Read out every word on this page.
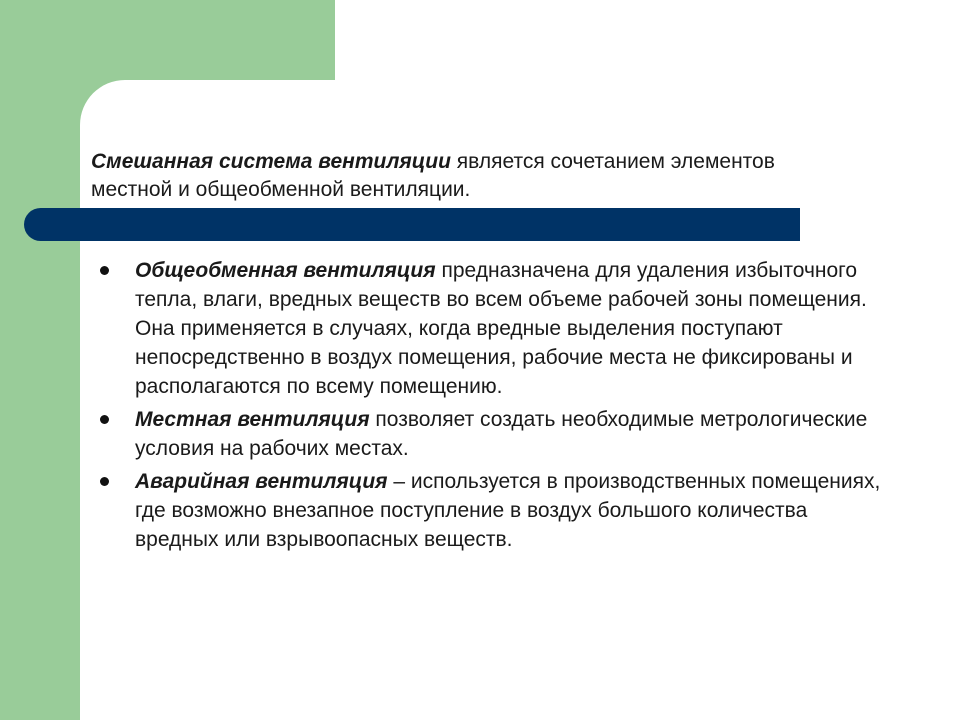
Смешанная система вентиляции является сочетанием элементов местной и общеобменной вентиляции.

Общеобменная вентиляция предназначена для удаления избыточного тепла, влаги, вредных веществ во всем объеме рабочей зоны помещения. Она применяется в случаях, когда вредные выделения поступают непосредственно в воздух помещения, рабочие места не фиксированы и располагаются по всему помещению.
Местная вентиляция позволяет создать необходимые метрологические условия на рабочих местах.
Аварийная вентиляция – используется в производственных помещениях, где возможно внезапное поступление в воздух большого количества вредных или взрывоопасных веществ.
